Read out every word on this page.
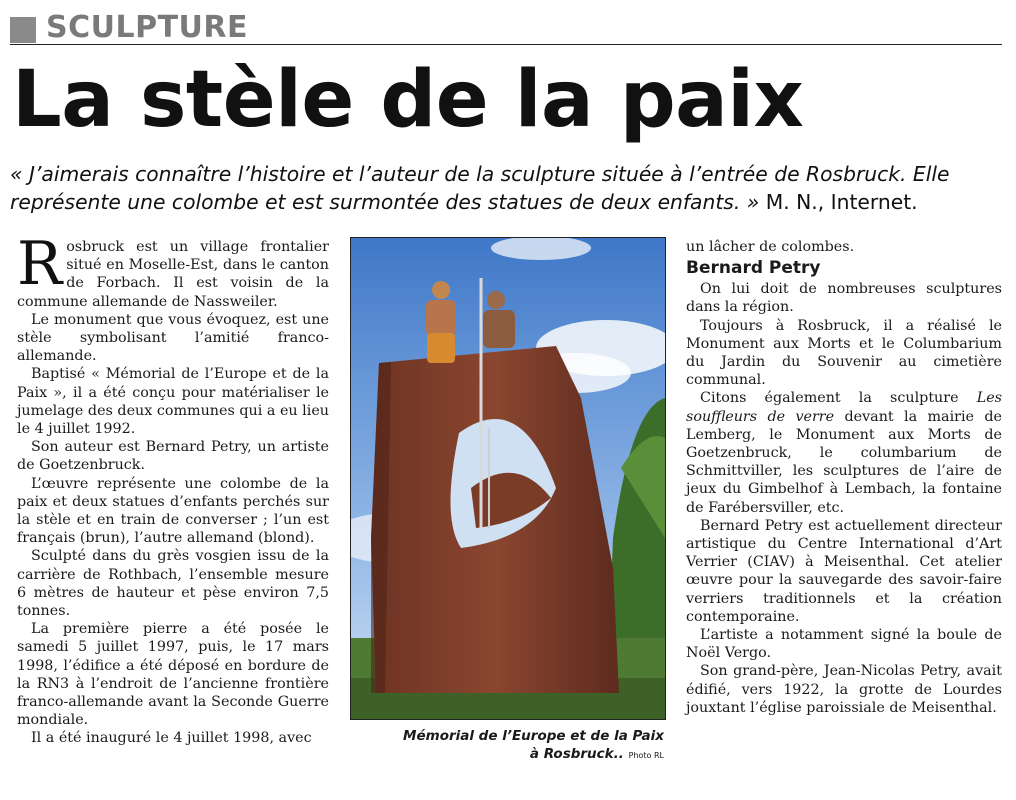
SCULPTURE
La stèle de la paix

« J’aimerais connaître l’histoire et l’auteur de la sculpture située à l’entrée de Rosbruck. Elle représente une colombe et est surmontée des statues de deux enfants. » M. N., Internet.

Rosbruck est un village frontalier situé en Moselle-Est, dans le canton de Forbach. Il est voisin de la commune allemande de Nassweiler.

Le monument que vous évoquez, est une stèle symbolisant l’amitié franco-allemande.

Baptisé « Mémorial de l’Europe et de la Paix », il a été conçu pour matérialiser le jumelage des deux communes qui a eu lieu le 4 juillet 1992.

Son auteur est Bernard Petry, un artiste de Goetzenbruck.

L’œuvre représente une colombe de la paix et deux statues d’enfants perchés sur la stèle et en train de converser ; l’un est français (brun), l’autre allemand (blond).

Sculpté dans du grès vosgien issu de la carrière de Rothbach, l’ensemble mesure 6 mètres de hauteur et pèse environ 7,5 tonnes.

La première pierre a été posée le samedi 5 juillet 1997, puis, le 17 mars 1998, l’édifice a été déposé en bordure de la RN3 à l’endroit de l’ancienne frontière franco-allemande avant la Seconde Guerre mondiale.

Il a été inauguré le 4 juillet 1998, avec	Mémorial de l’Europe et de la Paix
à Rosbruck.. Photo RL

un lâcher de colombes.

Bernard Petry

On lui doit de nombreuses sculptures dans la région.

Toujours à Rosbruck, il a réalisé le Monument aux Morts et le Columbarium du Jardin du Souvenir au cimetière communal.

Citons également la sculpture Les souffleurs de verre devant la mairie de Lemberg, le Monument aux Morts de Goetzenbruck, le columbarium de Schmittviller, les sculptures de l’aire de jeux du Gimbelhof à Lembach, la fontaine de Farébersviller, etc.

Bernard Petry est actuellement directeur artistique du Centre International d’Art Verrier (CIAV) à Meisenthal. Cet atelier œuvre pour la sauvegarde des savoir-faire verriers traditionnels et la création contemporaine.

L’artiste a notamment signé la boule de Noël Vergo.

Son grand-père, Jean-Nicolas Petry, avait édifié, vers 1922, la grotte de Lourdes jouxtant l’église paroissiale de Meisenthal.
